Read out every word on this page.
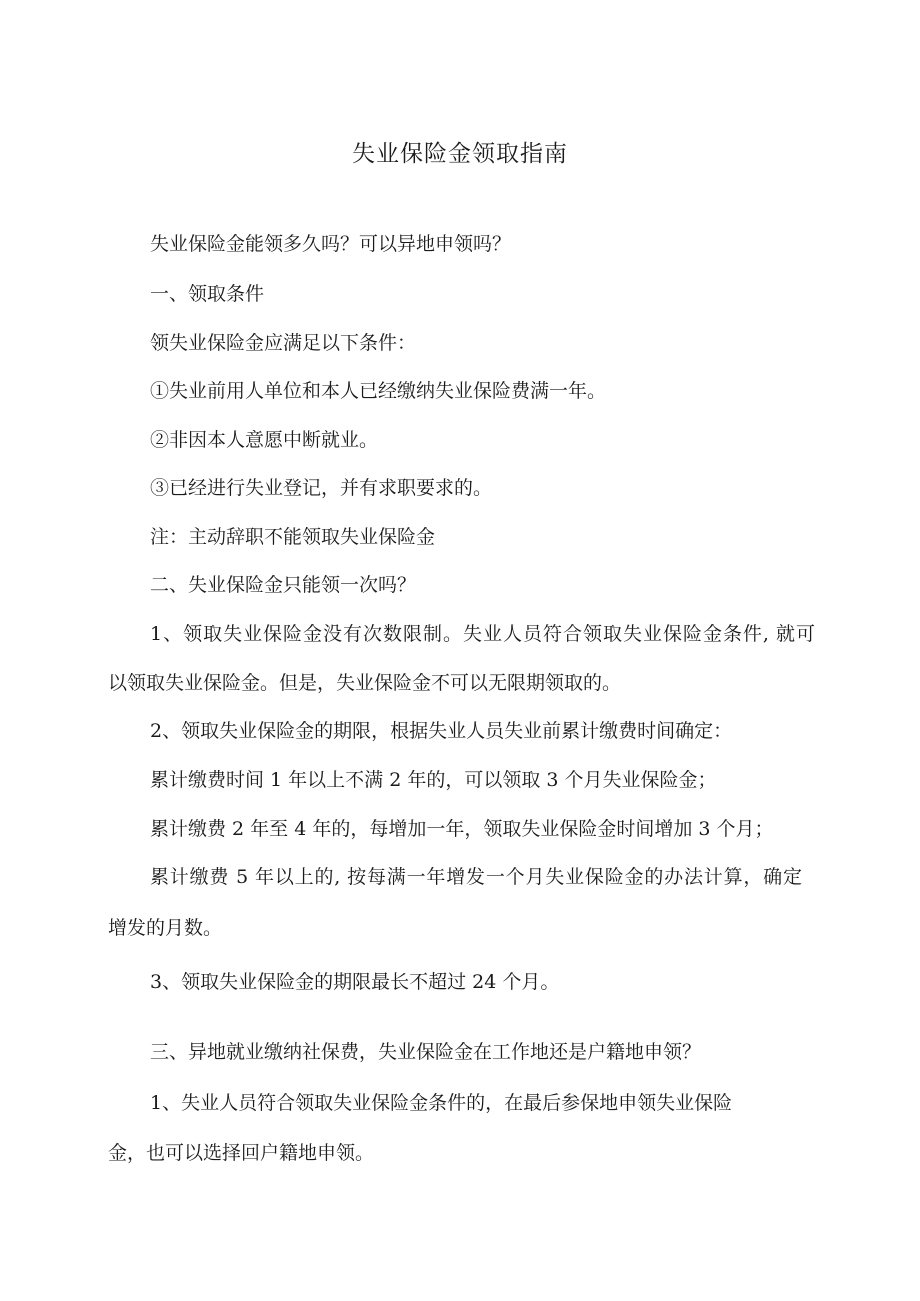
失业保险金领取指南
失业保险金能领多久吗？可以异地申领吗？
一、领取条件
领失业保险金应满足以下条件：
①失业前用人单位和本人已经缴纳失业保险费满一年。
②非因本人意愿中断就业。
③已经进行失业登记，并有求职要求的。
注：主动辞职不能领取失业保险金
二、失业保险金只能领一次吗？
1、领取失业保险金没有次数限制。失业人员符合领取失业保险金条件, 就可
以领取失业保险金。但是，失业保险金不可以无限期领取的。
2、领取失业保险金的期限，根据失业人员失业前累计缴费时间确定：
累计缴费时间 1 年以上不满 2 年的，可以领取 3 个月失业保险金；
累计缴费 2 年至 4 年的，每增加一年，领取失业保险金时间增加 3 个月；
累计缴费 5 年以上的, 按每满一年增发一个月失业保险金的办法计算，确定
增发的月数。
3、领取失业保险金的期限最长不超过 24 个月。
三、异地就业缴纳社保费，失业保险金在工作地还是户籍地申领？
1、失业人员符合领取失业保险金条件的，在最后参保地申领失业保险
金，也可以选择回户籍地申领。
